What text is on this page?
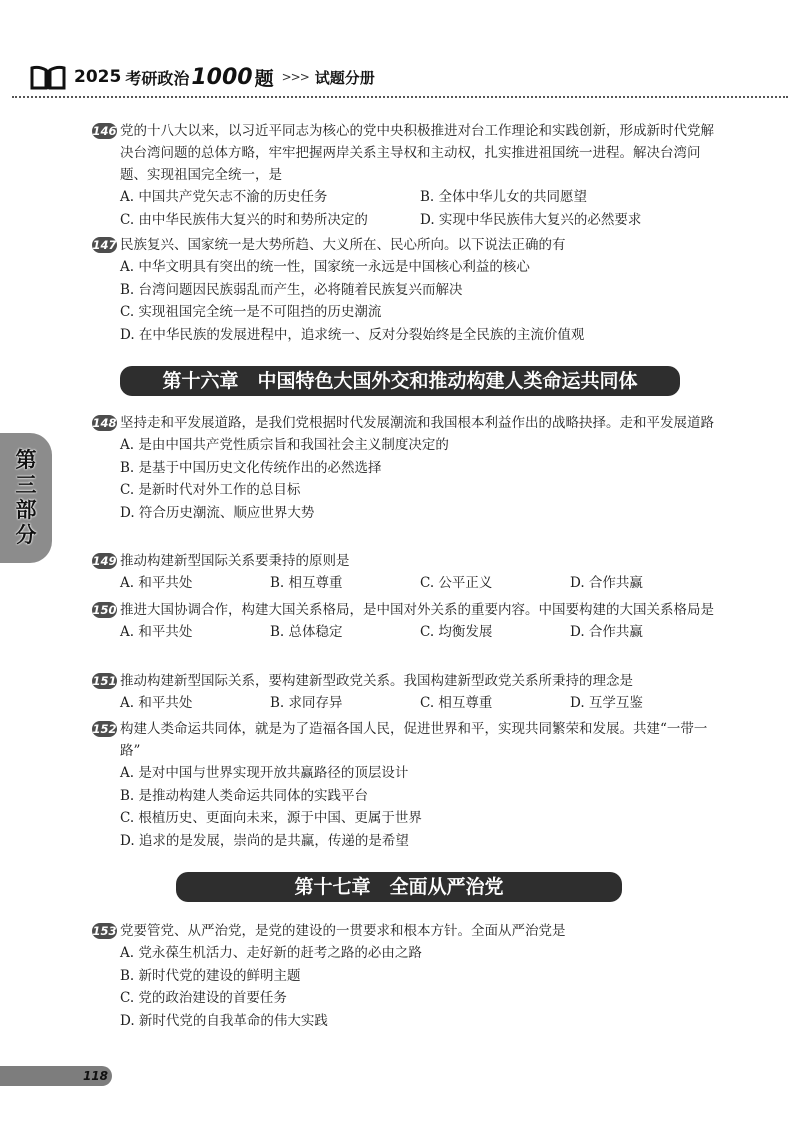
2025 考研政治 1000 题 >>> 试题分册
第三部分
146 党的十八大以来，以习近平同志为核心的党中央积极推进对台工作理论和实践创新，形成新时代党解决台湾问题的总体方略，牢牢把握两岸关系主导权和主动权，扎实推进祖国统一进程。解决台湾问题、实现祖国完全统一，是
A. 中国共产党矢志不渝的历史任务	B. 全体中华儿女的共同愿望
C. 由中华民族伟大复兴的时和势所决定的	D. 实现中华民族伟大复兴的必然要求
147 民族复兴、国家统一是大势所趋、大义所在、民心所向。以下说法正确的有
A. 中华文明具有突出的统一性，国家统一永远是中国核心利益的核心
B. 台湾问题因民族弱乱而产生，必将随着民族复兴而解决
C. 实现祖国完全统一是不可阻挡的历史潮流
D. 在中华民族的发展进程中，追求统一、反对分裂始终是全民族的主流价值观
第十六章　中国特色大国外交和推动构建人类命运共同体
148 坚持走和平发展道路，是我们党根据时代发展潮流和我国根本利益作出的战略抉择。走和平发展道路
A. 是由中国共产党性质宗旨和我国社会主义制度决定的
B. 是基于中国历史文化传统作出的必然选择
C. 是新时代对外工作的总目标
D. 符合历史潮流、顺应世界大势
149 推动构建新型国际关系要秉持的原则是
A. 和平共处	B. 相互尊重	C. 公平正义	D. 合作共赢
150 推进大国协调合作，构建大国关系格局，是中国对外关系的重要内容。中国要构建的大国关系格局是
A. 和平共处	B. 总体稳定	C. 均衡发展	D. 合作共赢
151 推动构建新型国际关系，要构建新型政党关系。我国构建新型政党关系所秉持的理念是
A. 和平共处	B. 求同存异	C. 相互尊重	D. 互学互鉴
152 构建人类命运共同体，就是为了造福各国人民，促进世界和平，实现共同繁荣和发展。共建“一带一路”
A. 是对中国与世界实现开放共赢路径的顶层设计
B. 是推动构建人类命运共同体的实践平台
C. 根植历史、更面向未来，源于中国、更属于世界
D. 追求的是发展，崇尚的是共赢，传递的是希望
第十七章　全面从严治党
153 党要管党、从严治党，是党的建设的一贯要求和根本方针。全面从严治党是
A. 党永葆生机活力、走好新的赶考之路的必由之路
B. 新时代党的建设的鲜明主题
C. 党的政治建设的首要任务
D. 新时代党的自我革命的伟大实践
118
